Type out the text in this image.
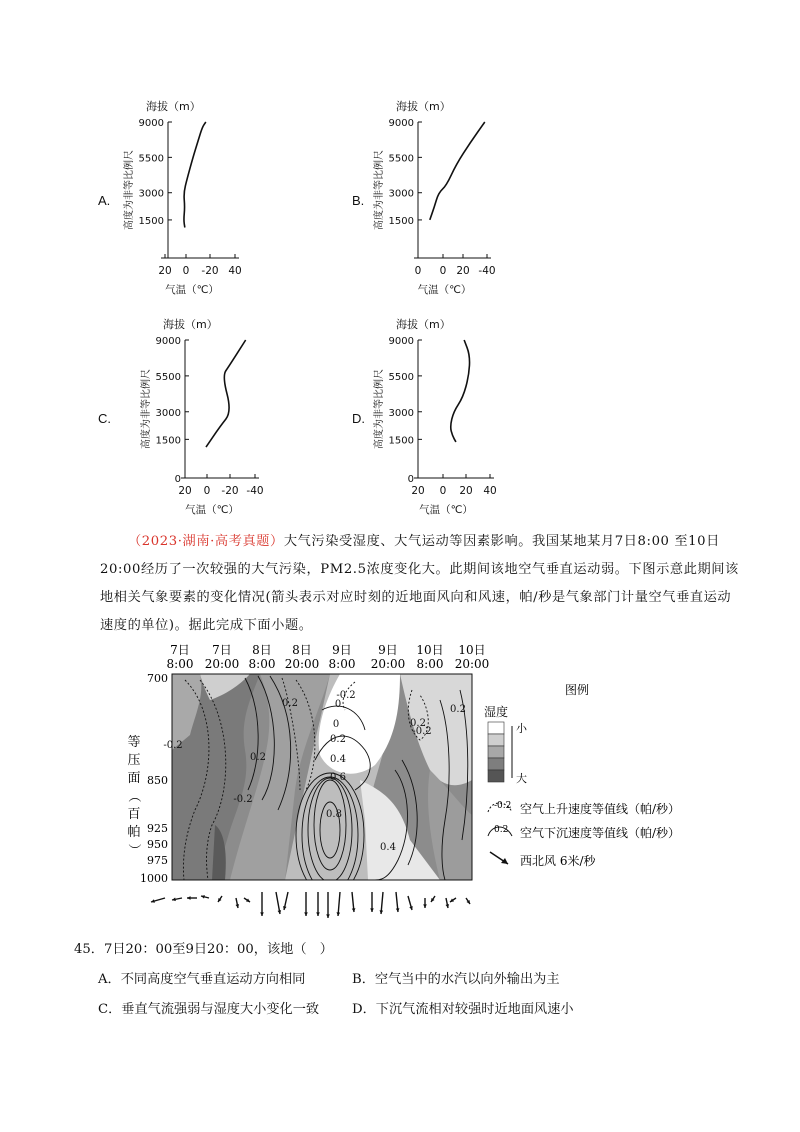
A.	B.
C.	D.
海拔（m）
高度为非等比例尺
9000
5500
3000
1500
20 0 -20 40
气温（℃）
海拔（m）
高度为非等比例尺
9000
5500
3000
1500
0 0 20 -40
气温（℃）
海拔（m）
高度为非等比例尺
9000
5500
3000
1500
0
20 0 -20 -40
气温（℃）
海拔（m）
高度为非等比例尺
9000
5500
3000
1500
0
20 0 20 40
气温（℃）
（2023·湖南·高考真题）大气污染受湿度、大气运动等因素影响。我国某地某月7日8:00 至10日20:00经历了一次较强的大气污染，PM2.5浓度变化大。此期间该地空气垂直运动弱。下图示意此期间该地相关气象要素的变化情况(箭头表示对应时刻的近地面风向和风速，帕/秒是气象部门计量空气垂直运动速度的单位)。据此完成下面小题。
7日
8:00
7日
20:00
8日
8:00
8日
20:00
9日
8:00
9日
20:00
10日
8:00
10日
20:00
700
850
925
950
975
1000
等
压
面
（
百
帕
）
-0.2
0.2
-0.2
0.2
0
0.2
0.4
0.6
0.8
-0.2
0.4
0
0.2
-0.2
0.2
图例
湿度
小
大
-0.2 空气上升速度等值线（帕/秒）
0.2 空气下沉速度等值线（帕/秒）
西北风 6米/秒
45．7日20：00至9日20：00，该地（　）
A．不同高度空气垂直运动方向相同	B．空气当中的水汽以向外输出为主
C．垂直气流强弱与湿度大小变化一致 D．下沉气流相对较强时近地面风速小
